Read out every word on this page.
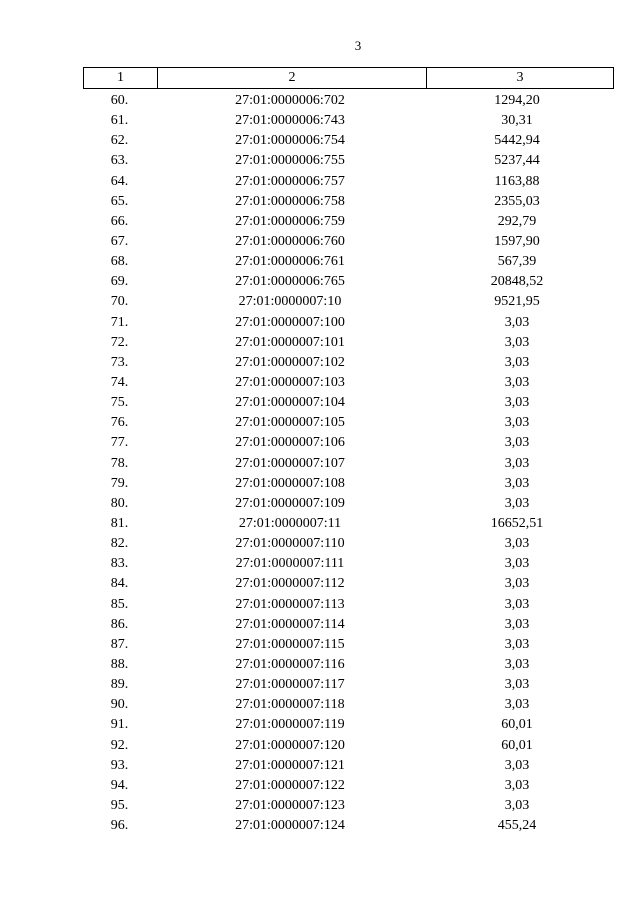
3
1	2	3
60.	27:01:0000006:702	1294,20
61.	27:01:0000006:743	30,31
62.	27:01:0000006:754	5442,94
63.	27:01:0000006:755	5237,44
64.	27:01:0000006:757	1163,88
65.	27:01:0000006:758	2355,03
66.	27:01:0000006:759	292,79
67.	27:01:0000006:760	1597,90
68.	27:01:0000006:761	567,39
69.	27:01:0000006:765	20848,52
70.	27:01:0000007:10	9521,95
71.	27:01:0000007:100	3,03
72.	27:01:0000007:101	3,03
73.	27:01:0000007:102	3,03
74.	27:01:0000007:103	3,03
75.	27:01:0000007:104	3,03
76.	27:01:0000007:105	3,03
77.	27:01:0000007:106	3,03
78.	27:01:0000007:107	3,03
79.	27:01:0000007:108	3,03
80.	27:01:0000007:109	3,03
81.	27:01:0000007:11	16652,51
82.	27:01:0000007:110	3,03
83.	27:01:0000007:111	3,03
84.	27:01:0000007:112	3,03
85.	27:01:0000007:113	3,03
86.	27:01:0000007:114	3,03
87.	27:01:0000007:115	3,03
88.	27:01:0000007:116	3,03
89.	27:01:0000007:117	3,03
90.	27:01:0000007:118	3,03
91.	27:01:0000007:119	60,01
92.	27:01:0000007:120	60,01
93.	27:01:0000007:121	3,03
94.	27:01:0000007:122	3,03
95.	27:01:0000007:123	3,03
96.	27:01:0000007:124	455,24
